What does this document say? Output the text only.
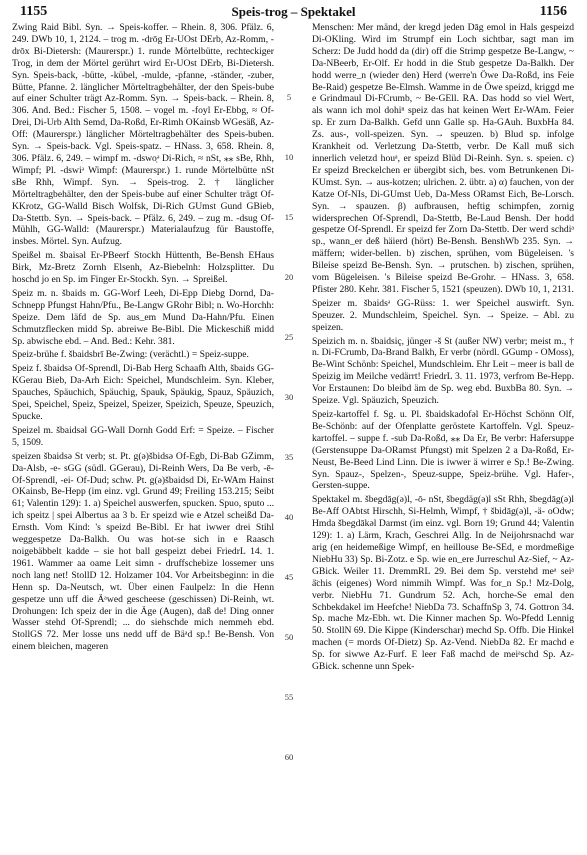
1155	Speis-trog – Spektakel	1156

Zwing Raid Bibl. Syn. → Speis-koffer. – Rhein. 8, 306. Pfälz. 6, 249. DWb 10, 1, 2124. – trog m. -drōg Er-UOst DErb, Az-Romm, -drōx Bi-Dietersh: (Maurerspr.) 1. runde Mörtelbütte, rechteckiger Trog, in dem der Mörtel gerührt wird Er-UOst DErb, Bi-Dietersh. Syn. Speis-back, -bütte, -kübel, -mulde, -pfanne, -ständer, -zuber, Bütte, Pfanne. 2. länglicher Mörteltragbehälter, der den Speis-bube auf einer Schulter trägt Az-Romm. Syn. → Speis-back. – Rhein. 8, 306. And. Bed.: Fischer 5, 1508. – vogel m. -foyl Er-Ebbg, ≈ Of-Drei, Di-Urb Alth Semd, Da-Roßd, Er-Rimh OKainsb WGesäß, Az-Off: (Maurerspr.) länglicher Mörteltragbehälter des Speis-buben. Syn. → Speis-back. Vgl. Speis-spatz. – HNass. 3, 658. Rhein. 8, 306. Pfälz. 6, 249. – wimpf m. -dswo̜ᵊ Di-Rich, ≈ nSt, ⁎⁎ sBe, Rhh, Wimpf; Pl. -dswiᵊ Wimpf: (Maurerspr.) 1. runde Mörtelbütte nSt sBe Rhh, Wimpf. Syn. → Speis-trog. 2. † länglicher Mörteltragbehälter, den der Speis-bube auf einer Schulter trägt Of-KKrotz, GG-Walld Bisch Wolfsk, Di-Rich GUmst Gund GBieb, Da-Stettb. Syn. → Speis-back. – Pfälz. 6, 249. – zug m. -dsug Of-Mühlh, GG-Walld: (Maurerspr.) Materialaufzug für Baustoffe, insbes. Mörtel. Syn. Aufzug.

Speißel m. šbaisəl Er-PBeerf Stockh Hüttenth, Be-Bensh EHaus Birk, Mz-Bretz Zornh Elsenh, Az-Biebelnh: Holzsplitter. Du hoschd jo en Sp. im Finger Er-Stockh. Syn. → Spreißel.

Speiz m. n. šbaids m. GG-Worf Leeh, Di-Epp Diebg Dornd, Da-Schnepp Pfungst Hahn/Pfu., Be-Langw GRohr Bibl; n. Wo-Horchh: Speize. Dem läfd de Sp. aus_em Mund Da-Hahn/Pfu. Einen Schmutzflecken midd Sp. abreiwe Be-Bibl. Die Mickeschiß midd Sp. abwische ebd. – And. Bed.: Kehr. 381.

Speiz-brühe f. šbaidsbrī Be-Zwing: (verächtl.) = Speiz-suppe.

Speiz f. šbaidsə Of-Sprendl, Di-Bab Herg Schaafh Alth, šbaids GG-KGerau Bieb, Da-Arh Eich: Speichel, Mundschleim. Syn. Kleber, Spauches, Späuchich, Späuchig, Spauk, Späukig, Spauz, Späuzich, Spei, Speichel, Speiz, Speizel, Speizer, Speizich, Speuze, Speuzich, Spucke.

Speizel m. šbaidsəl GG-Wall Dornh Godd Erf: = Speize. – Fischer 5, 1509.

speizen šbaidsə St verb; st. Pt. g(ə)šbidsə Of-Egb, Di-Bab GZimm, Da-Alsb, -e- sGG (südl. GGerau), Di-Reinh Wers, Da Be verb, -ē- Of-Sprendl, -ei- Of-Dud; schw. Pt. g(ə)šbaidsd Di, Er-WAm Hainst OKainsb, Be-Hepp (im einz. vgl. Grund 49; Freiling 153.215; Seibt 61; Valentin 129): 1. a) Speichel auswerfen, spucken. Spuo, sputo ... ich speitz | spei Albertus aa 3 b. Er speizd wie e Atzel scheißd Da-Ernsth. Vom Kind: 's speizd Be-Bibl. Er hat iwwer drei Stihl weggespetze Da-Balkh. Ou was hot-se sich in e Raasch noigebäbbelt kadde – sie hot ball gespeizt debei FriedrL 14. 1. 1961. Wammer aa oame Leit simn - druffschebize lossemer uns noch lang net! StollD 12. Holzamer 104. Vor Arbeitsbeginn: in die Henn sp. Da-Neutsch, wt. Über einen Faulpelz: In die Henn gespetze unn uff die Äᵃwed gescheese (geschissen) Di-Reinh, wt. Drohungen: Ich speiz der in die Äge (Augen), daß de! Ding onner Wasser stehd Of-Sprendl; ... do siehschde mich nemmeh ebd. StollGS 72. Mer losse uns nedd uff de Bäᵃd sp.! Be-Bensh. Von einem bleichen, mageren

5
10
15
20
25
30
35
40
45
50
55
60

Menschen: Mer mänd, der kregd jeden Dāg emol in Hals gespeizd Di-OKling. Wird im Strumpf ein Loch sichtbar, sagt man im Scherz: De Judd hodd da (dir) off die Strimp gespetze Be-Langw, ~ Da-NBeerb, Er-Olf. Er hodd in die Stub gespetze Da-Balkh. Der hodd werre_n (wieder den) Herd (werre'n Öwe Da-Roßd, ins Feie Be-Raid) gespetze Be-Elmsh. Wamme in de Öwe speizd, kriggd me e Grindmaul Di-FCrumb, ~ Be-GEll. RA. Das hodd so viel Wert, als wann ich mol dohiⁿ speiz das hat keinen Wert Er-WAm. Feier sp. Er zurn Da-Balkh. Gefd unn Galle sp. Ha-GAuh. BuxbHa 84. Zs. aus-, voll-speizen. Syn. → speuzen. b) Blud sp. infolge Krankheit od. Verletzung Da-Stettb, verbr. De Kall muß sich innerlich veletzd houᵃ, er speizd Blüd Di-Reinh. Syn. s. speien. c) Er speizd Breckelchen er übergibt sich, bes. vom Betrunkenen Di-KUmst. Syn. → aus-kotzen; ulrichen. 2. übtr. a) α) fauchen, von der Katze Of-NIs, Di-GUmst Ueb, Da-Mess ORamst Eich, Be-Lorsch. Syn. → spauzen. β) aufbrausen, heftig schimpfen, zornig widersprechen Of-Sprendl, Da-Stettb, Be-Laud Bensh. Der hodd gespetze Of-Sprendl. Er speizd fer Zorn Da-Stettb. Der werd schdiᵃ sp., wann_er deß häierd (hört) Be-Bensh. BenshWb 235. Syn. → mäffern; wider-bellen. b) zischen, sprühen, vom Bügeleisen. 's Bileise speizd Be-Bensh. Syn. → prutschen. b) zischen, sprühen, vom Bügeleisen. 's Bileise speizd Be-Grohr. – HNass. 3, 658. Pfister 280. Kehr. 381. Fischer 5, 1521 (speuzen). DWb 10, 1, 2131.

Speizer m. šbaidsᵊ GG-Rüss: 1. wer Speichel auswirft. Syn. Speuzer. 2. Mundschleim, Speichel. Syn. → Speize. – Abl. zu speizen.

Speizich m. n. šbaidsiç, jünger -š St (außer NW) verbr; meist m., † n. Di-FCrumb, Da-Brand Balkh, Er verbr (nördl. GGump - OMoss), Be-Wint Schönb: Speichel, Mundschleim. Ehr Leit – meer is ball de Speizig im Meilche vedärrt! FriedrL 3. 11. 1973, verfrom Be-Hepp. Vor Erstaunen: Do bleibd äm de Sp. weg ebd. BuxbBa 80. Syn. → Speize. Vgl. Späuzich, Speuzich.

Speiz-kartoffel f. Sg. u. Pl. šbaidskadofəl Er-Höchst Schönn Olf, Be-Schönb: auf der Ofenplatte geröstete Kartoffeln. Vgl. Speuz-kartoffel. – suppe f. -sub Da-Roßd, ⁎⁎ Da Er, Be verbr: Hafersuppe (Gerstensuppe Da-ORamst Pfungst) mit Spelzen 2 a Da-Roßd, Er-Neust, Be-Beed Lind Linn. Die is iwwer ä wirrer e Sp.! Be-Zwing. Syn. Spauz-, Spelzen-, Speuz-suppe, Speiz-brühe. Vgl. Hafer-, Gersten-suppe.

Spektakel m. šbegdāg(ə)l, -ō- nSt, šbegdäg(ə)l sSt Rhh, šbegdāg(ə)l Be-Aff OAbtst Hirschh, Si-Helmh, Wimpf, † šbidāg(ə)l, -ä- oOdw; Hmda šbegdākəl Darmst (im einz. vgl. Born 19; Grund 44; Valentin 129): 1. a) Lärm, Krach, Geschrei Allg. In de Neijohrsnachd war arig (en heidemeßige Wimpf, en heillouse Be-SEd, e mordmeßige NiebHu 33) Sp. Bi-Zotz. e Sp. wie en_ere Jurreschul Az-Sief, ~ Az-GBick. Weiler 11. DremmRL 29. Bei dem Sp. verstehd meᵃ seiᵃ ä̈chis (eigenes) Word nimmih Wimpf. Was for_n Sp.! Mz-Dolg, verbr. NiebHu 71. Gundrum 52. Ach, horche-Se emal den Schbekdakel im Heefche! NiebDa 73. SchaffnSp 3, 74. Gottron 34. Sp. mache Mz-Ebh. wt. Die Kinner machen Sp. Wo-Pfedd Lennig 50. StollN 69. Die Kippe (Kinderschar) mechd Sp. Offb. Die Hinkel machen (= mords Of-Dietz) Sp. Az-Vend. NiebDa 82. Er machd e Sp. for siwwe Az-Furf. E leer Faß machd de meiᵃschd Sp. Az-GBick. schenne unn Spek-
